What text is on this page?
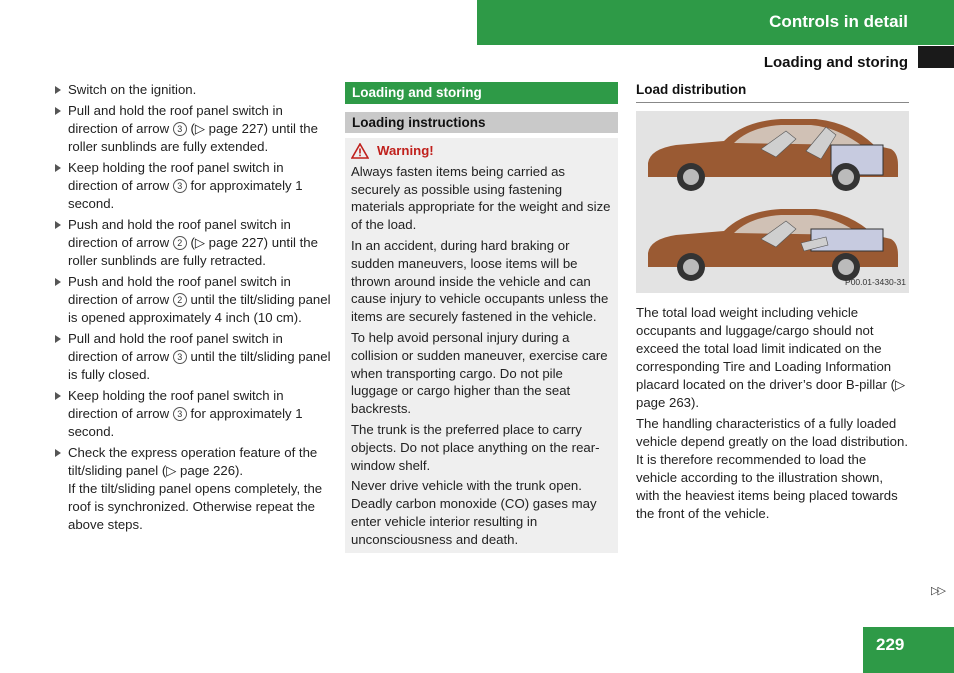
Controls in detail
Loading and storing

Switch on the ignition.

Pull and hold the roof panel switch in direction of arrow 3 (▷ page 227) until the roller sunblinds are fully extended.

Keep holding the roof panel switch in direction of arrow 3 for approximately 1 second.

Push and hold the roof panel switch in direction of arrow 2 (▷ page 227) until the roller sunblinds are fully retracted.

Push and hold the roof panel switch in direction of arrow 2 until the tilt/sliding panel is opened approximately 4 inch (10 cm).

Pull and hold the roof panel switch in direction of arrow 3 until the tilt/sliding panel is fully closed.

Keep holding the roof panel switch in direction of arrow 3 for approximately 1 second.

Check the express operation feature of the tilt/sliding panel (▷ page 226).

If the tilt/sliding panel opens completely, the roof is synchronized. Otherwise repeat the above steps.

Loading and storing
Loading instructions
Warning!

Always fasten items being carried as securely as possible using fastening materials appropriate for the weight and size of the load.

In an accident, during hard braking or sudden maneuvers, loose items will be thrown around inside the vehicle and can cause injury to vehicle occupants unless the items are securely fastened in the vehicle.

To help avoid personal injury during a collision or sudden maneuver, exercise care when transporting cargo. Do not pile luggage or cargo higher than the seat backrests.

The trunk is the preferred place to carry objects. Do not place anything on the rear-window shelf.

Never drive vehicle with the trunk open. Deadly carbon monoxide (CO) gases may enter vehicle interior resulting in unconsciousness and death.

Load distribution
P00.01-3430-31

The total load weight including vehicle occupants and luggage/cargo should not exceed the total load limit indicated on the corresponding Tire and Loading Information placard located on the driver’s door B-pillar (▷ page 263).

The handling characteristics of a fully loaded vehicle depend greatly on the load distribution. It is therefore recommended to load the vehicle according to the illustration shown, with the heaviest items being placed towards the front of the vehicle.

▷▷
229
